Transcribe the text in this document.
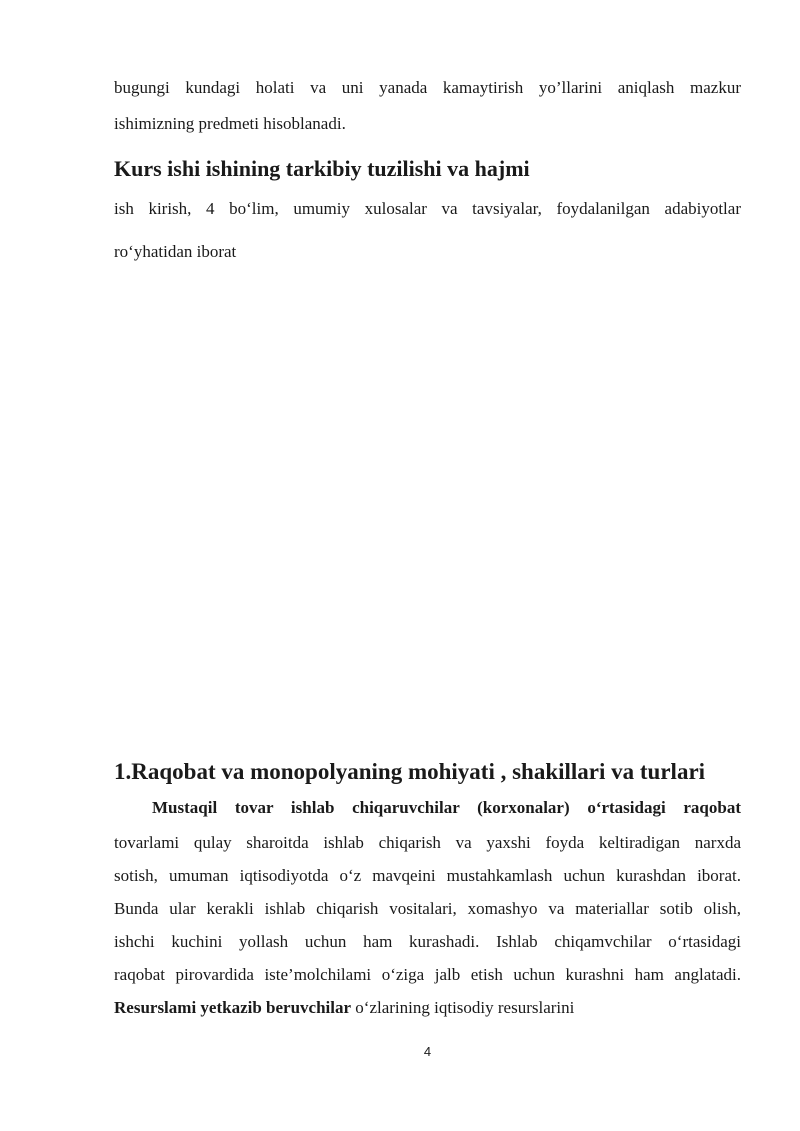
bugungi kundagi holati va uni yanada kamaytirish yo’llarini aniqlash mazkur
ishimizning predmeti hisoblanadi.
Kurs ishi ishining tarkibiy tuzilishi va hajmi
ish kirish, 4 bo‘lim, umumiy xulosalar va tavsiyalar, foydalanilgan adabiyotlar
ro‘yhatidan iborat
1.Raqobat va monopolyaning mohiyati , shakillari va turlari
Mustaqil tovar ishlab chiqaruvchilar (korxonalar) o‘rtasidagi raqobat
tovarlami qulay sharoitda ishlab chiqarish va yaxshi foyda keltiradigan narxda
sotish, umuman iqtisodiyotda o‘z mavqeini mustahkamlash uchun kurashdan iborat.
Bunda ular kerakli ishlab chiqarish vositalari, xomashyo va materiallar sotib olish,
ishchi kuchini yollash uchun ham kurashadi. Ishlab chiqamvchilar o‘rtasidagi
raqobat pirovardida iste’molchilami o‘ziga jalb etish uchun kurashni ham anglatadi.
Resurslami yetkazib beruvchilar o‘zlarining iqtisodiy resurslarini
4
